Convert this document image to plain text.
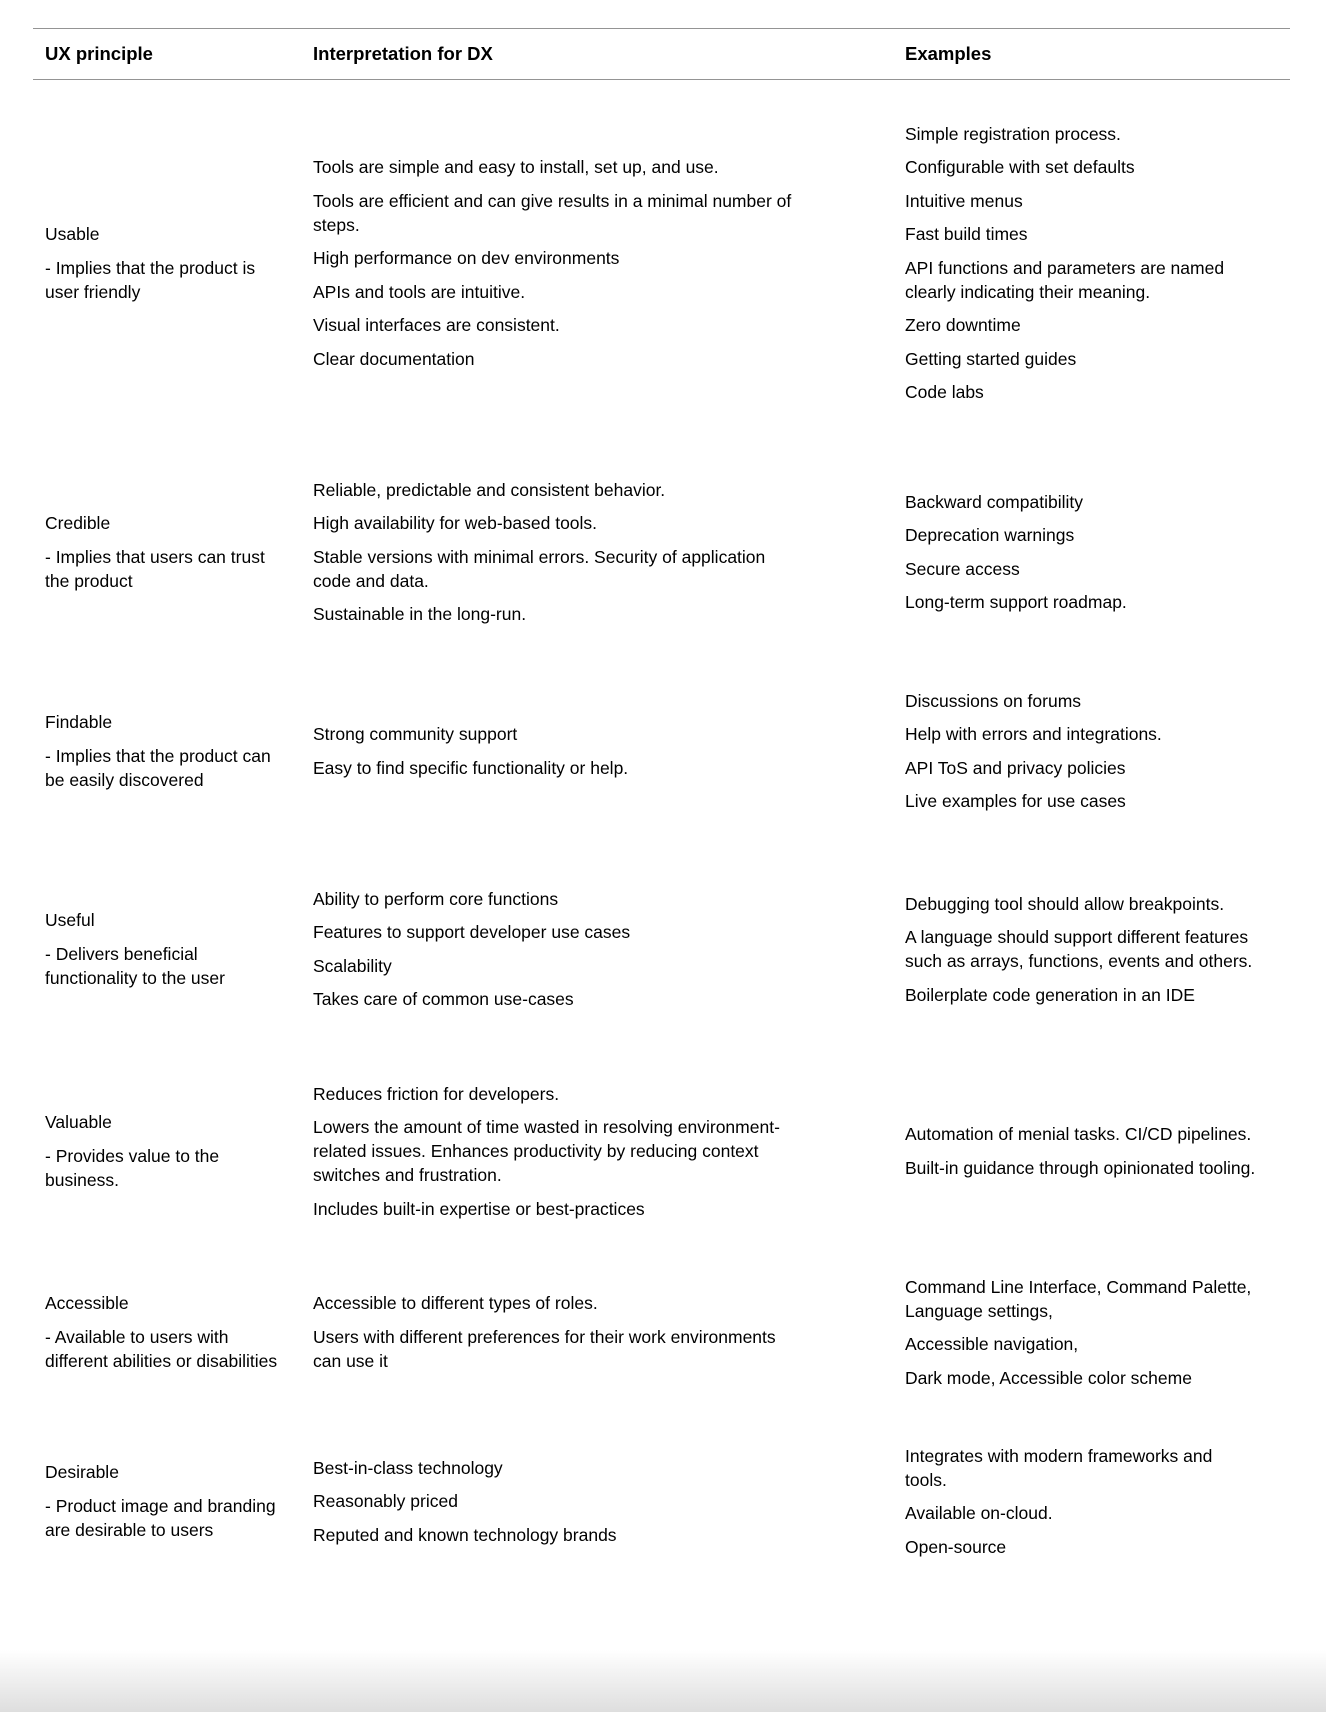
UX principle	Interpretation for DX	Examples

Usable

- Implies that the product is user friendly

Tools are simple and easy to install, set up, and use.

Tools are efficient and can give results in a minimal number of steps.

High performance on dev environments

APIs and tools are intuitive.

Visual interfaces are consistent.

Clear documentation

Simple registration process.

Configurable with set defaults

Intuitive menus

Fast build times

API functions and parameters are named clearly indicating their meaning.

Zero downtime

Getting started guides

Code labs

Credible

- Implies that users can trust the product

Reliable, predictable and consistent behavior.

High availability for web-based tools.

Stable versions with minimal errors. Security of application code and data.

Sustainable in the long-run.

Backward compatibility

Deprecation warnings

Secure access

Long-term support roadmap.

Findable

- Implies that the product can be easily discovered

Strong community support

Easy to find specific functionality or help.

Discussions on forums

Help with errors and integrations.

API ToS and privacy policies

Live examples for use cases

Useful

- Delivers beneficial functionality to the user

Ability to perform core functions

Features to support developer use cases

Scalability

Takes care of common use-cases

Debugging tool should allow breakpoints.

A language should support different features such as arrays, functions, events and others.

Boilerplate code generation in an IDE

Valuable

- Provides value to the business.

Reduces friction for developers.

Lowers the amount of time wasted in resolving environment-related issues. Enhances productivity by reducing context switches and frustration.

Includes built-in expertise or best-practices

Automation of menial tasks. CI/CD pipelines.

Built-in guidance through opinionated tooling.

Accessible

- Available to users with different abilities or disabilities

Accessible to different types of roles.

Users with different preferences for their work environments can use it

Command Line Interface, Command Palette, Language settings,

Accessible navigation,

Dark mode, Accessible color scheme

Desirable

- Product image and branding are desirable to users

Best-in-class technology

Reasonably priced

Reputed and known technology brands

Integrates with modern frameworks and tools.

Available on-cloud.

Open-source
